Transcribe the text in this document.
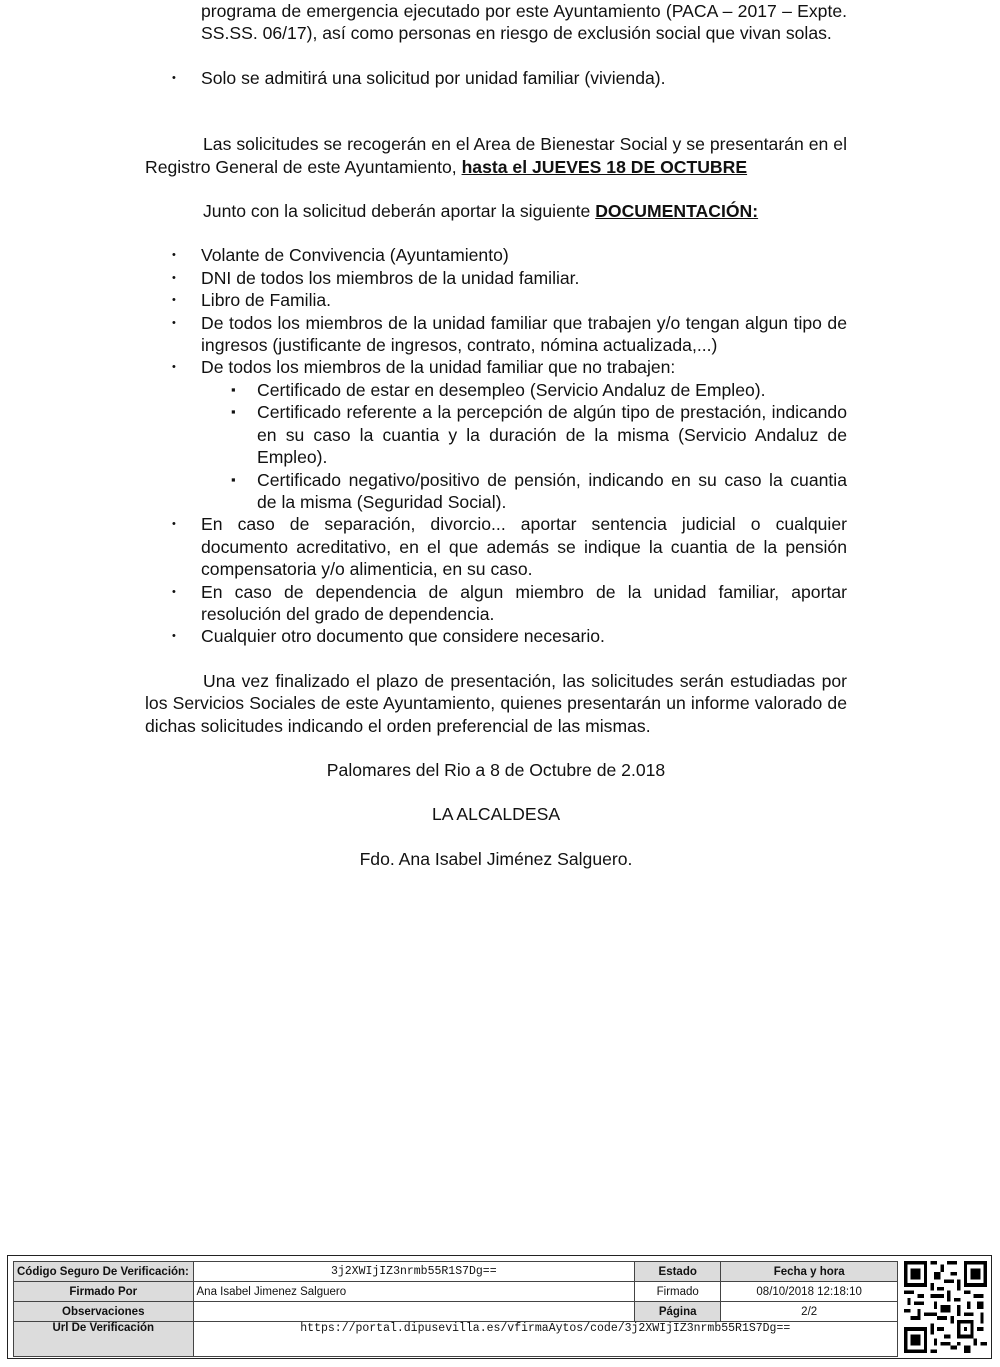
programa de emergencia ejecutado por este Ayuntamiento (PACA – 2017 – Expte. SS.SS. 06/17), así como personas en riesgo de exclusión social que vivan solas.
• Solo se admitirá una solicitud por unidad familiar (vivienda).
Las solicitudes se recogerán en el Area de Bienestar Social y se presentarán en el Registro General de este Ayuntamiento, hasta el JUEVES 18 DE OCTUBRE
Junto con la solicitud deberán aportar la siguiente DOCUMENTACIÓN:
• Volante de Convivencia (Ayuntamiento)
• DNI de todos los miembros de la unidad familiar.
• Libro de Familia.
• De todos los miembros de la unidad familiar que trabajen y/o tengan algun tipo de ingresos (justificante de ingresos, contrato, nómina actualizada,...)
• De todos los miembros de la unidad familiar que no trabajen:
▪ Certificado de estar en desempleo (Servicio Andaluz de Empleo).
▪ Certificado referente a la percepción de algún tipo de prestación, indicando en su caso la cuantia y la duración de la misma (Servicio Andaluz de Empleo).
▪ Certificado negativo/positivo de pensión, indicando en su caso la cuantia de la misma (Seguridad Social).
• En caso de separación, divorcio... aportar sentencia judicial o cualquier documento acreditativo, en el que además se indique la cuantia de la pensión compensatoria y/o alimenticia, en su caso.
• En caso de dependencia de algun miembro de la unidad familiar, aportar resolución del grado de dependencia.
• Cualquier otro documento que considere necesario.
Una vez finalizado el plazo de presentación, las solicitudes serán estudiadas por los Servicios Sociales de este Ayuntamiento, quienes presentarán un informe valorado de dichas solicitudes indicando el orden preferencial de las mismas.
Palomares del Rio a 8 de Octubre de 2.018
LA ALCALDESA
Fdo. Ana Isabel Jiménez Salguero.
Código Seguro De Verificación:	3j2XWIjIZ3nrmb55R1S7Dg==	Estado	Fecha y hora
Firmado Por	Ana Isabel Jimenez Salguero	Firmado	08/10/2018 12:18:10
Observaciones		Página	2/2
Url De Verificación	https://portal.dipusevilla.es/vfirmaAytos/code/3j2XWIjIZ3nrmb55R1S7Dg==		
